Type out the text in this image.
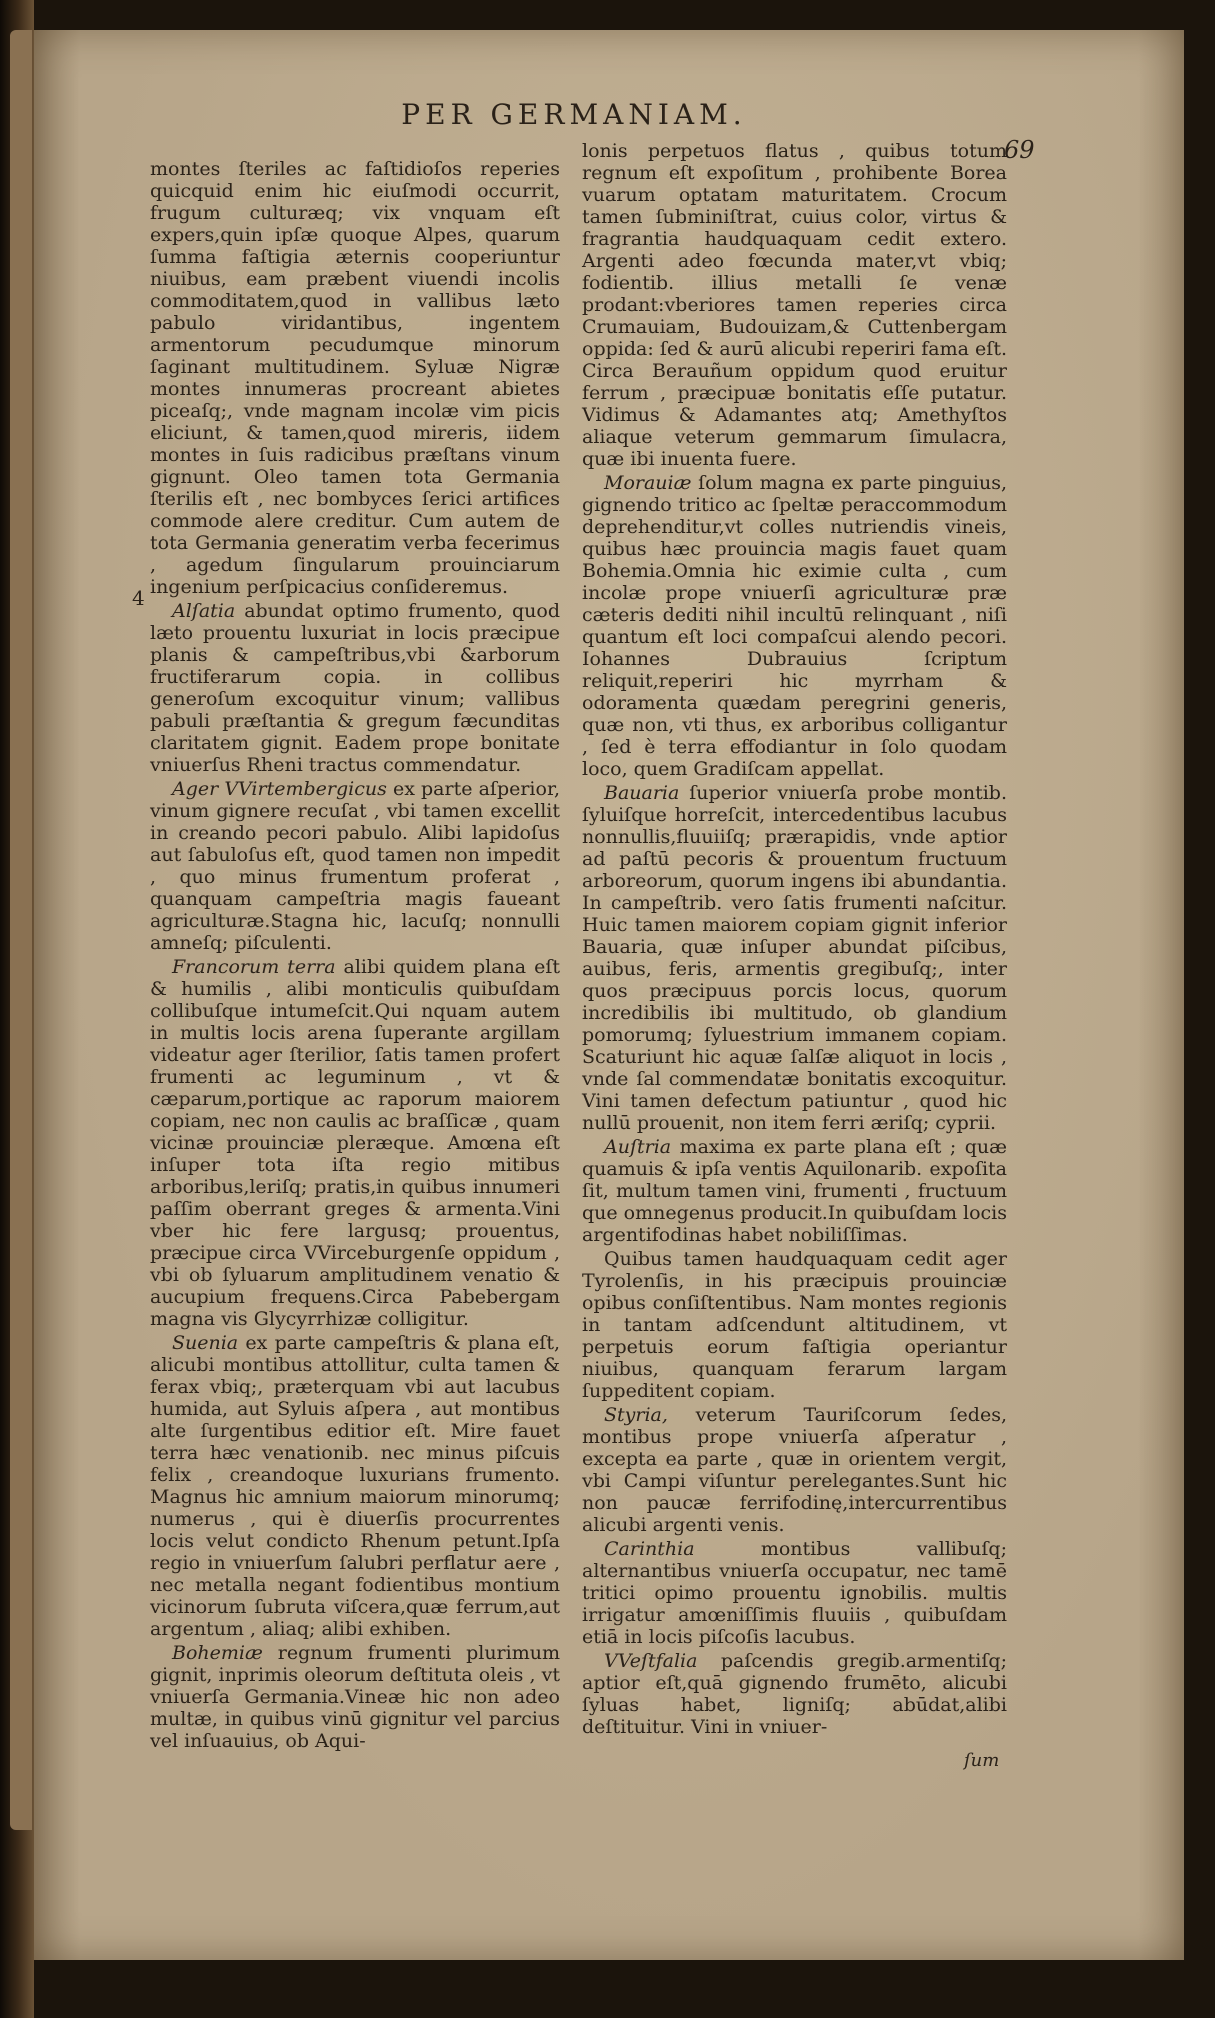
PER GERMANIAM.
69
4

montes ſteriles ac faſtidioſos reperies quicquid enim hic eiuſmodi occurrit, frugum culturæq; vix vnquam eſt expers,quin ipſæ quoque Alpes, quarum ſumma faſtigia æternis cooperiuntur niuibus, eam præbent viuendi incolis commoditatem,quod in vallibus læto pabulo viridantibus, ingentem armentorum pecudumque minorum ſaginant multitudinem. Syluæ Nigræ montes innumeras procreant abietes piceaſq;, vnde magnam incolæ vim picis eliciunt, & tamen,quod mireris, iidem montes in ſuis radicibus præſtans vinum gignunt. Oleo tamen tota Germania ſterilis eſt , nec bombyces ſerici artifices commode alere creditur. Cum autem de tota Germania generatim verba fecerimus , agedum ſingularum prouinciarum ingenium perſpicacius conſideremus.

Alſatia abundat optimo frumento, quod læto prouentu luxuriat in locis præcipue planis & campeſtribus,vbi &arborum fructiferarum copia. in collibus generoſum excoquitur vinum; vallibus pabuli præſtantia & gregum fæcunditas claritatem gignit. Eadem prope bonitate vniuerſus Rheni tractus commendatur.

Ager VVirtembergicus ex parte aſperior, vinum gignere recuſat , vbi tamen excellit in creando pecori pabulo. Alibi lapidoſus aut ſabuloſus eſt, quod tamen non impedit , quo minus frumentum proferat , quanquam campeſtria magis faueant agriculturæ.Stagna hic, lacuſq; nonnulli amneſq; piſculenti.

Francorum terra alibi quidem plana eſt & humilis , alibi monticulis quibuſdam collibuſque intumeſcit.Qui nquam autem in multis locis arena ſuperante argillam videatur ager ſterilior, ſatis tamen profert frumenti ac leguminum , vt & cæparum,portique ac raporum maiorem copiam, nec non caulis ac braſſicæ , quam vicinæ prouinciæ pleræque. Amœna eſt inſuper tota iſta regio mitibus arboribus,leriſq; pratis,in quibus innumeri paſſim oberrant greges & armenta.Vini vber hic fere largusq; prouentus, præcipue circa VVirceburgenſe oppidum , vbi ob ſyluarum amplitudinem venatio & aucupium frequens.Circa Pabebergam magna vis Glycyrrhizæ colligitur.

Suenia ex parte campeſtris & plana eſt, alicubi montibus attollitur, culta tamen & ferax vbiq;, præterquam vbi aut lacubus humida, aut Syluis aſpera , aut montibus alte ſurgentibus editior eſt. Mire fauet terra hæc venationib. nec minus piſcuis felix , creandoque luxurians frumento. Magnus hic amnium maiorum minorumq; numerus , qui è diuerſis procurrentes locis velut condicto Rhenum petunt.Ipſa regio in vniuerſum ſalubri perflatur aere , nec metalla negant fodientibus montium vicinorum ſubruta viſcera,quæ ferrum,aut argentum , aliaq; alibi exhiben.

Bohemiæ regnum frumenti plurimum gignit, inprimis oleorum deſtituta oleis , vt vniuerſa Germania.Vineæ hic non adeo multæ, in quibus vinū gignitur vel parcius vel inſuauius, ob Aqui-

lonis perpetuos flatus , quibus totum regnum eſt expoſitum , prohibente Borea vuarum optatam maturitatem. Crocum tamen ſubminiſtrat, cuius color, virtus & fragrantia haudquaquam cedit extero. Argenti adeo fœcunda mater,vt vbiq; fodientib. illius metalli ſe venæ prodant:vberiores tamen reperies circa Crumauiam, Budouizam,& Cuttenbergam oppida: ſed & aurū alicubi reperiri fama eſt. Circa Berauñum oppidum quod eruitur ferrum , præcipuæ bonitatis eſſe putatur. Vidimus & Adamantes atq; Amethyſtos aliaque veterum gemmarum ſimulacra, quæ ibi inuenta fuere.

Morauiæ ſolum magna ex parte pinguius, gignendo tritico ac ſpeltæ peraccommodum deprehenditur,vt colles nutriendis vineis, quibus hæc prouincia magis fauet quam Bohemia.Omnia hic eximie culta , cum incolæ prope vniuerſi agriculturæ præ cæteris dediti nihil incultū relinquant , niſi quantum eſt loci compaſcui alendo pecori. Iohannes Dubrauius ſcriptum reliquit,reperiri hic myrrham & odoramenta quædam peregrini generis, quæ non, vti thus, ex arboribus colligantur , ſed è terra effodiantur in ſolo quodam loco, quem Gradiſcam appellat.

Bauaria ſuperior vniuerſa probe montib. ſyluiſque horreſcit, intercedentibus lacubus nonnullis,fluuiiſq; prærapidis, vnde aptior ad paſtū pecoris & prouentum fructuum arboreorum, quorum ingens ibi abundantia. In campeſtrib. vero ſatis frumenti naſcitur. Huic tamen maiorem copiam gignit inferior Bauaria, quæ inſuper abundat piſcibus, auibus, feris, armentis gregibuſq;, inter quos præcipuus porcis locus, quorum incredibilis ibi multitudo, ob glandium pomorumq; ſyluestrium immanem copiam. Scaturiunt hic aquæ ſalſæ aliquot in locis , vnde ſal commendatæ bonitatis excoquitur. Vini tamen defectum patiuntur , quod hic nullū prouenit, non item ferri æriſq; cyprii.

Auſtria maxima ex parte plana eſt ; quæ quamuis & ipſa ventis Aquilonarib. expoſita ſit, multum tamen vini, frumenti , fructuum que omnegenus producit.In quibuſdam locis argentifodinas habet nobiliſſimas.

Quibus tamen haudquaquam cedit ager Tyrolenſis, in his præcipuis prouinciæ opibus conſiſtentibus. Nam montes regionis in tantam adſcendunt altitudinem, vt perpetuis eorum faſtigia operiantur niuibus, quanquam ferarum largam ſuppeditent copiam.

Styria, veterum Tauriſcorum ſedes, montibus prope vniuerſa aſperatur , excepta ea parte , quæ in orientem vergit, vbi Campi viſuntur perelegantes.Sunt hic non paucæ ferrifodinę,intercurrentibus alicubi argenti venis.

Carinthia montibus vallibuſq; alternantibus vniuerſa occupatur, nec tamē tritici opimo prouentu ignobilis. multis irrigatur amœniſſimis fluuiis , quibuſdam etiā in locis piſcoſis lacubus.

VVeſtfalia paſcendis gregib.armentiſq; aptior eſt,quā gignendo frumēto, alicubi ſyluas habet, ligniſq; abūdat,alibi deſtituitur. Vini in vniuer-

ſum
